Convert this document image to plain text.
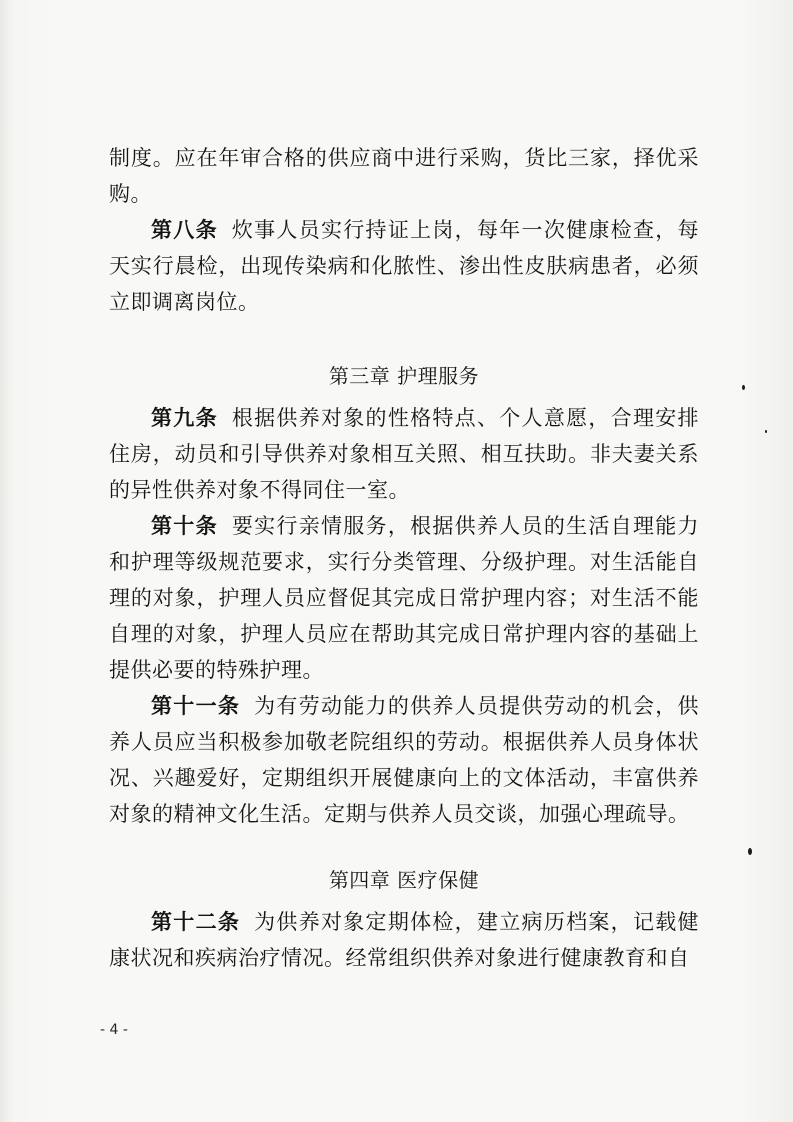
制度。应在年审合格的供应商中进行采购，货比三家，择优采购。

第八条 炊事人员实行持证上岗，每年一次健康检查，每天实行晨检，出现传染病和化脓性、渗出性皮肤病患者，必须立即调离岗位。

第三章 护理服务

第九条 根据供养对象的性格特点、个人意愿，合理安排住房，动员和引导供养对象相互关照、相互扶助。非夫妻关系的异性供养对象不得同住一室。

第十条 要实行亲情服务，根据供养人员的生活自理能力和护理等级规范要求，实行分类管理、分级护理。对生活能自理的对象，护理人员应督促其完成日常护理内容；对生活不能自理的对象，护理人员应在帮助其完成日常护理内容的基础上提供必要的特殊护理。

第十一条 为有劳动能力的供养人员提供劳动的机会，供养人员应当积极参加敬老院组织的劳动。根据供养人员身体状况、兴趣爱好，定期组织开展健康向上的文体活动，丰富供养对象的精神文化生活。定期与供养人员交谈，加强心理疏导。

第四章 医疗保健

第十二条 为供养对象定期体检，建立病历档案，记载健康状况和疾病治疗情况。经常组织供养对象进行健康教育和自

- 4 -
